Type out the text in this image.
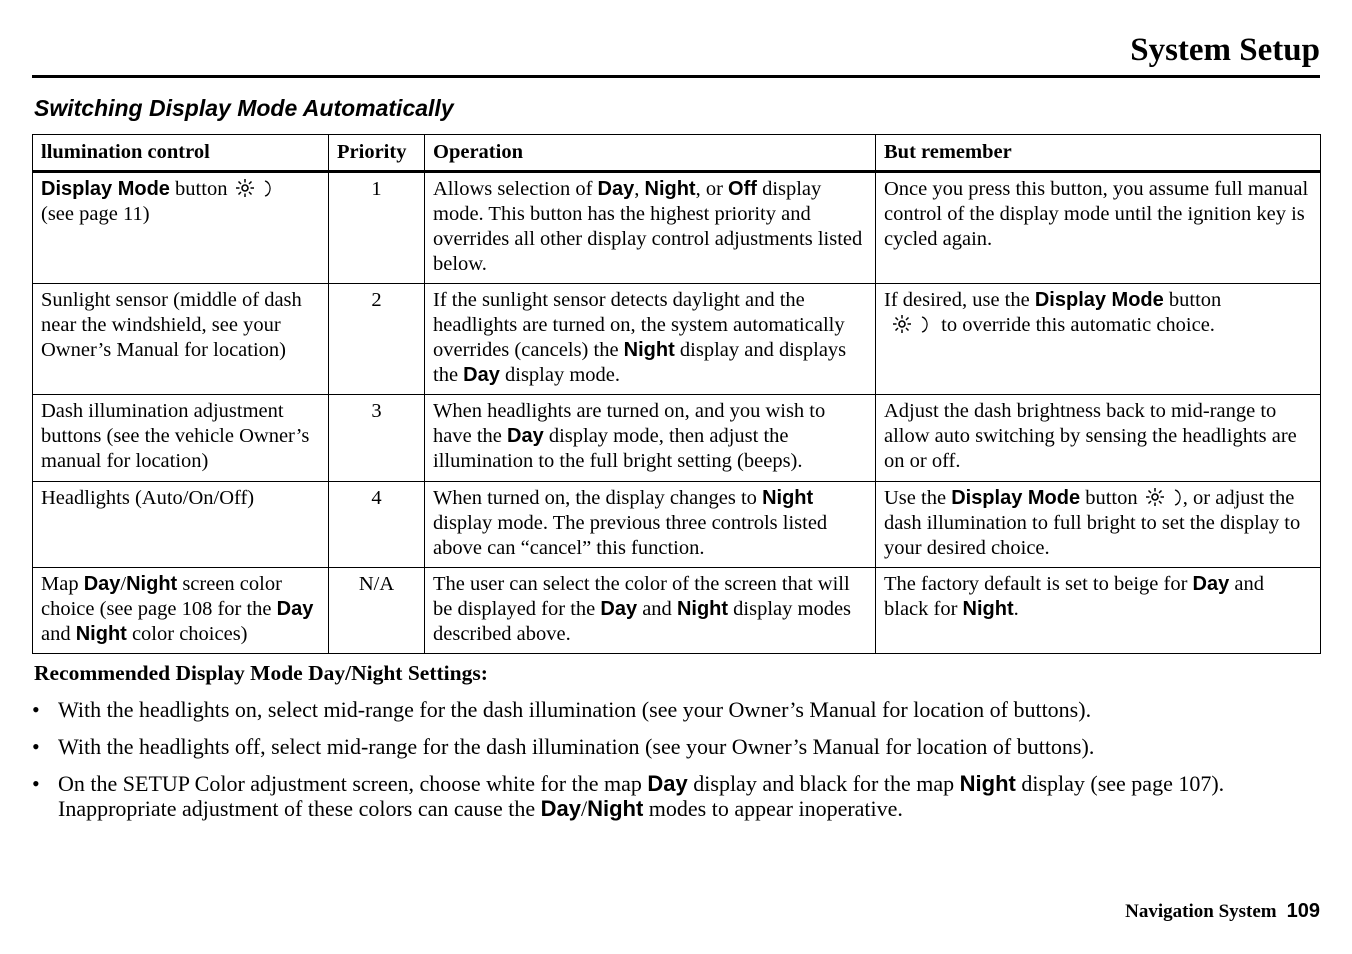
System Setup
Switching Display Mode Automatically
llumination control	Priority	Operation	But remember
Display Mode button
(see page 11)	1	Allows selection of Day, Night, or Off display mode. This button has the highest priority and overrides all other display control adjustments listed below.	Once you press this button, you assume full manual control of the display mode until the ignition key is cycled again.
Sunlight sensor (middle of dash near the windshield, see your Owner’s Manual for location)	2	If the sunlight sensor detects daylight and the headlights are turned on, the system automatically overrides (cancels) the Night display and displays the Day display mode.	If desired, use the Display Mode button
to override this automatic choice.
Dash illumination adjustment buttons (see the vehicle Owner’s manual for location)	3	When headlights are turned on, and you wish to have the Day display mode, then adjust the illumination to the full bright setting (beeps).	Adjust the dash brightness back to mid-range to allow auto switching by sensing the headlights are on or off.
Headlights (Auto/On/Off)	4	When turned on, the display changes to Night display mode. The previous three controls listed above can “cancel” this function.	Use the Display Mode button , or adjust the dash illumination to full bright to set the display to your desired choice.
Map Day/Night screen color choice (see page 108 for the Day and Night color choices)	N/A	The user can select the color of the screen that will be displayed for the Day and Night display modes described above.	The factory default is set to beige for Day and black for Night.
Recommended Display Mode Day/Night Settings:
• With the headlights on, select mid-range for the dash illumination (see your Owner’s Manual for location of buttons).
• With the headlights off, select mid-range for the dash illumination (see your Owner’s Manual for location of buttons).
• On the SETUP Color adjustment screen, choose white for the map Day display and black for the map Night display (see page 107). Inappropriate adjustment of these colors can cause the Day/Night modes to appear inoperative.
Navigation System 109
